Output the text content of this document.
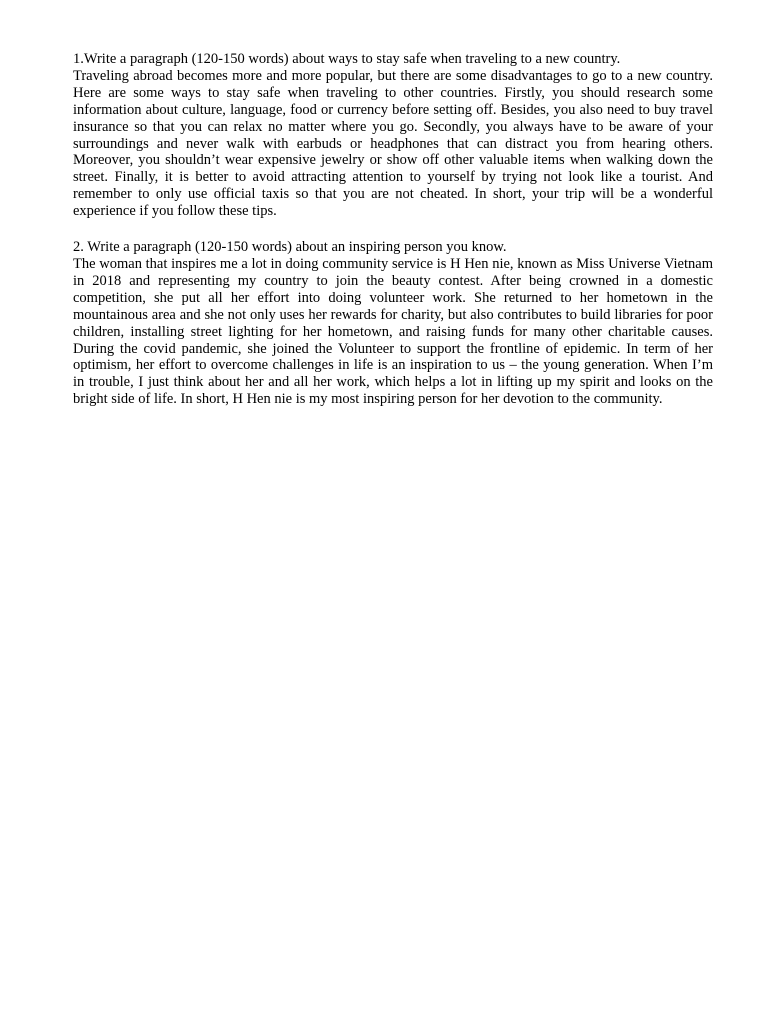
1.Write a paragraph (120-150 words) about ways to stay safe when traveling to a new country.

Traveling abroad becomes more and more popular, but there are some disadvantages to go to a new country. Here are some ways to stay safe when traveling to other countries. Firstly, you should research some information about culture, language, food or currency before setting off. Besides, you also need to buy travel insurance so that you can relax no matter where you go. Secondly, you always have to be aware of your surroundings and never walk with earbuds or headphones that can distract you from hearing others. Moreover, you shouldn’t wear expensive jewelry or show off other valuable items when walking down the street. Finally, it is better to avoid attracting attention to yourself by trying not look like a tourist. And remember to only use official taxis so that you are not cheated. In short, your trip will be a wonderful experience if you follow these tips.

2. Write a paragraph (120-150 words) about an inspiring person you know.

The woman that inspires me a lot in doing community service is H Hen nie, known as Miss Universe Vietnam in 2018 and representing my country to join the beauty contest. After being crowned in a domestic competition, she put all her effort into doing volunteer work. She returned to her hometown in the mountainous area and she not only uses her rewards for charity, but also contributes to build libraries for poor children, installing street lighting for her hometown, and raising funds for many other charitable causes. During the covid pandemic, she joined the Volunteer to support the frontline of epidemic. In term of her optimism, her effort to overcome challenges in life is an inspiration to us – the young generation. When I’m in trouble, I just think about her and all her work, which helps a lot in lifting up my spirit and looks on the bright side of life. In short, H Hen nie is my most inspiring person for her devotion to the community.
